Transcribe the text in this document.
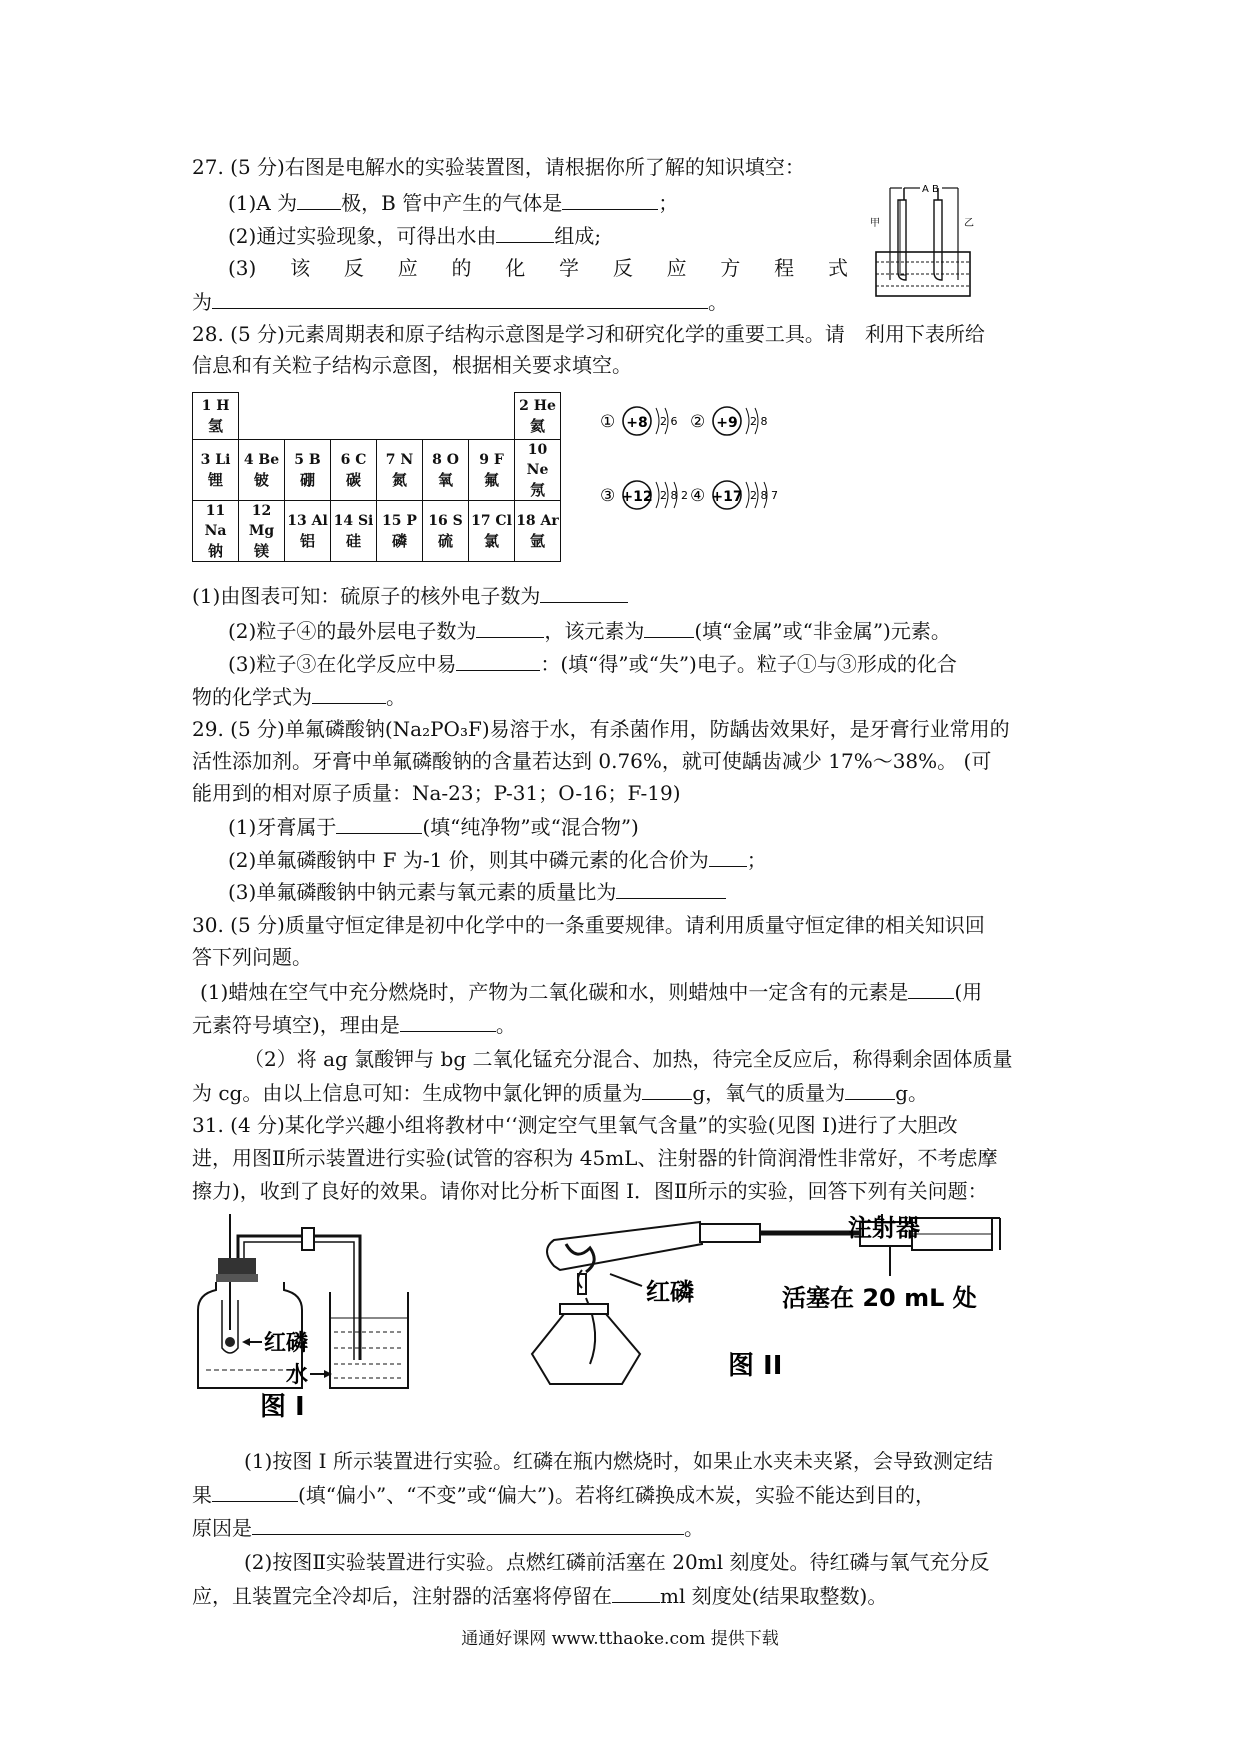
27. (5 分)右图是电解水的实验装置图，请根据你所了解的知识填空：
(1)A 为 极，B 管中产生的气体是	；
(2)通过实验现象，可得出水由	组成;
(3) 该 反 应 的 化 学 反 应 方 程 式
为	。
A B
甲	乙
28. (5 分)元素周期表和原子结构示意图是学习和研究化学的重要工具。请　利用下表所给
信息和有关粒子结构示意图，根据相关要求填空。
1 H
氢							2 He
氦

3 Li
锂	4 Be
铍	5 B
硼	6 C
碳	7 N
氮	8 O
氧	9 F
氟	10 Ne
氖

11 Na
钠	12 Mg
镁	13 Al
铝	14 Si
硅	15 P
磷	16 S
硫	17 Cl
氯	18 Ar
氩
① +8 2 6 ② +9 2 8
③ +12 2 8 2 ④ +17 2 8 7
(1)由图表可知：硫原子的核外电子数为
(2)粒子④的最外层电子数为	，该元素为	(填“金属”或“非金属”)元素。
(3)粒子③在化学反应中易	：(填“得”或“失”)电子。粒子①与③形成的化合
物的化学式为	。
29. (5 分)单氟磷酸钠(Na₂PO₃F)易溶于水，有杀菌作用，防龋齿效果好，是牙膏行业常用的
活性添加剂。牙膏中单氟磷酸钠的含量若达到 0.76%，就可使龋齿减少 17%～38%。 (可
能用到的相对原子质量：Na-23；P-31；O-16；F-19)
(1)牙膏属于	(填“纯净物”或“混合物”)
(2)单氟磷酸钠中 F 为-1 价，则其中磷元素的化合价为 ；
(3)单氟磷酸钠中钠元素与氧元素的质量比为
30. (5 分)质量守恒定律是初中化学中的一条重要规律。请利用质量守恒定律的相关知识回
答下列问题。
(1)蜡烛在空气中充分燃烧时，产物为二氧化碳和水，则蜡烛中一定含有的元素是 (用
元素符号填空)，理由是	。
（2）将 ag 氯酸钾与 bg 二氧化锰充分混合、加热，待完全反应后，称得剩余固体质量
为 cg。由以上信息可知：生成物中氯化钾的质量为	g，氧气的质量为	g。
31. (4 分)某化学兴趣小组将教材中‘‘测定空气里氧气含量”的实验(见图 I)进行了大胆改
进，用图Ⅱ所示装置进行实验(试管的容积为 45mL、注射器的针筒润滑性非常好，不考虑摩
擦力)，收到了良好的效果。请你对比分析下面图 I．图Ⅱ所示的实验，回答下列有关问题：
红磷
水
图 I
注射器
红磷	活塞在 20 mL 处
图 II
(1)按图 I 所示装置进行实验。红磷在瓶内燃烧时，如果止水夹未夹紧，会导致测定结
果	(填“偏小”、“不变”或“偏大”)。若将红磷换成木炭，实验不能达到目的，
原因是	。
(2)按图Ⅱ实验装置进行实验。点燃红磷前活塞在 20ml 刻度处。待红磷与氧气充分反
应，且装置完全冷却后，注射器的活塞将停留在 ml 刻度处(结果取整数)。
通通好课网 www.tthaoke.com 提供下载
